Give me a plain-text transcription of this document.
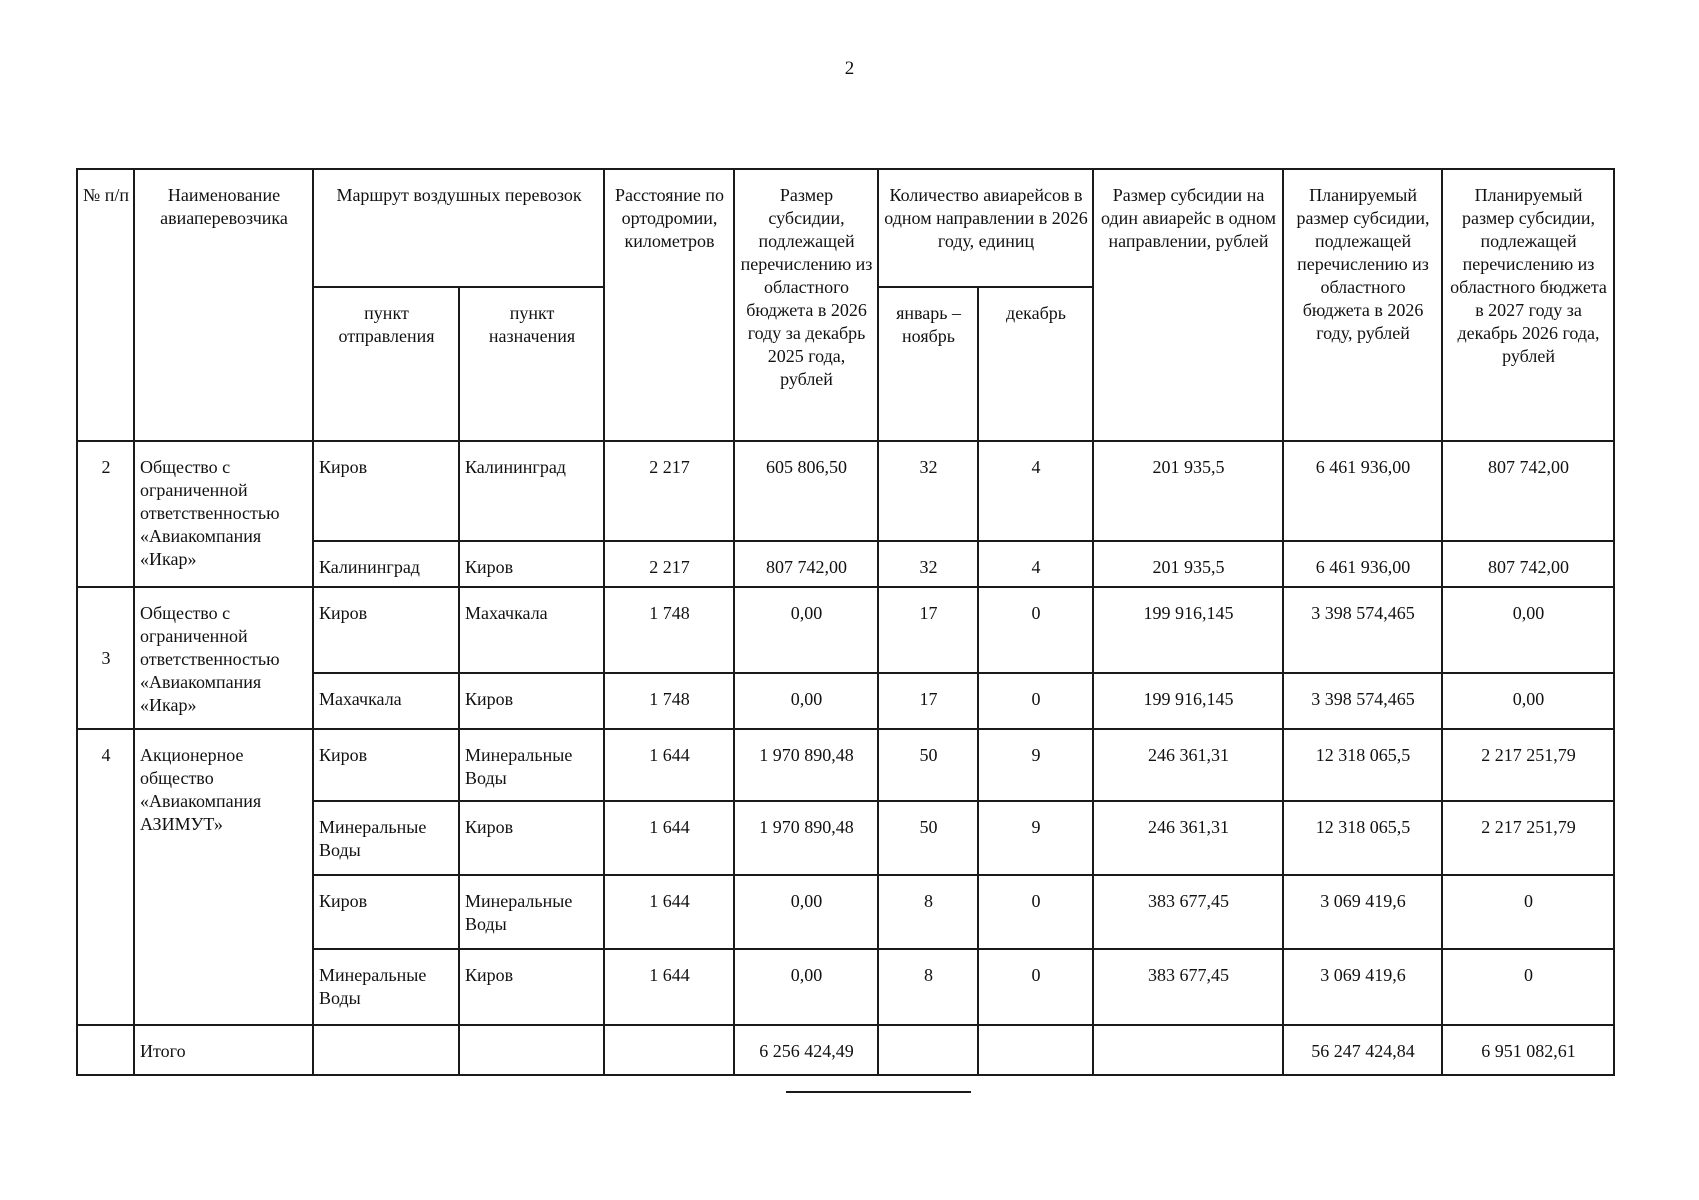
2
№ п/п	Наименование авиаперевозчика	Маршрут воздушных перевозок		Расстояние по ортодромии, километров	Размер субсидии, подлежащей перечислению из областного бюджета в 2026 году за декабрь 2025 года, рублей	Количество авиарейсов в одном направлении в 2026 году, единиц		Размер субсидии на один авиарейс в одном направлении, рублей	Планируемый размер субсидии, подлежащей перечислению из областного бюджета в 2026 году, рублей	Планируемый размер субсидии, подлежащей перечислению из областного бюджета в 2027 году за декабрь 2026 года, рублей
		пункт отправления	пункт назначения			январь – ноябрь	декабрь			
2	Общество с ограниченной ответственностью «Авиакомпания «Икар»	Киров	Калининград	2 217	605 806,50	32	4	201 935,5	6 461 936,00	807 742,00
		Калининград	Киров	2 217	807 742,00	32	4	201 935,5	6 461 936,00	807 742,00
3	Общество с ограниченной ответственностью «Авиакомпания «Икар»	Киров	Махачкала	1 748	0,00	17	0	199 916,145	3 398 574,465	0,00
		Махачкала	Киров	1 748	0,00	17	0	199 916,145	3 398 574,465	0,00
4	Акционерное общество «Авиакомпания АЗИМУТ»	Киров	Минеральные Воды	1 644	1 970 890,48	50	9	246 361,31	12 318 065,5	2 217 251,79
		Минеральные Воды	Киров	1 644	1 970 890,48	50	9	246 361,31	12 318 065,5	2 217 251,79
		Киров	Минеральные Воды	1 644	0,00	8	0	383 677,45	3 069 419,6	0
		Минеральные Воды	Киров	1 644	0,00	8	0	383 677,45	3 069 419,6	0
	Итого				6 256 424,49				56 247 424,84	6 951 082,61
